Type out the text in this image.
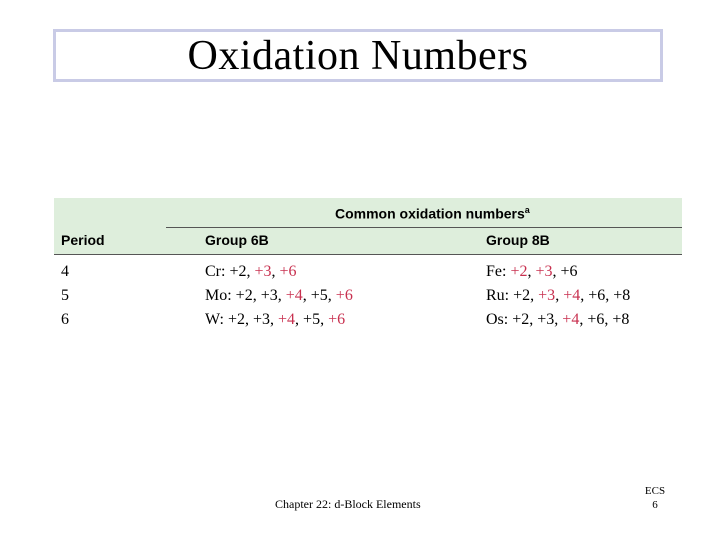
Oxidation Numbers
Common oxidation numbers$^a$
Period	Group 6B	Group 8B
4	Cr: +2, +3, +6	Fe: +2, +3, +6
5	Mo: +2, +3, +4, +5, +6	Ru: +2, +3, +4, +6, +8
6	W: +2, +3, +4, +5, +6	Os: +2, +3, +4, +6, +8
Chapter 22: d-Block Elements
ECS
6
